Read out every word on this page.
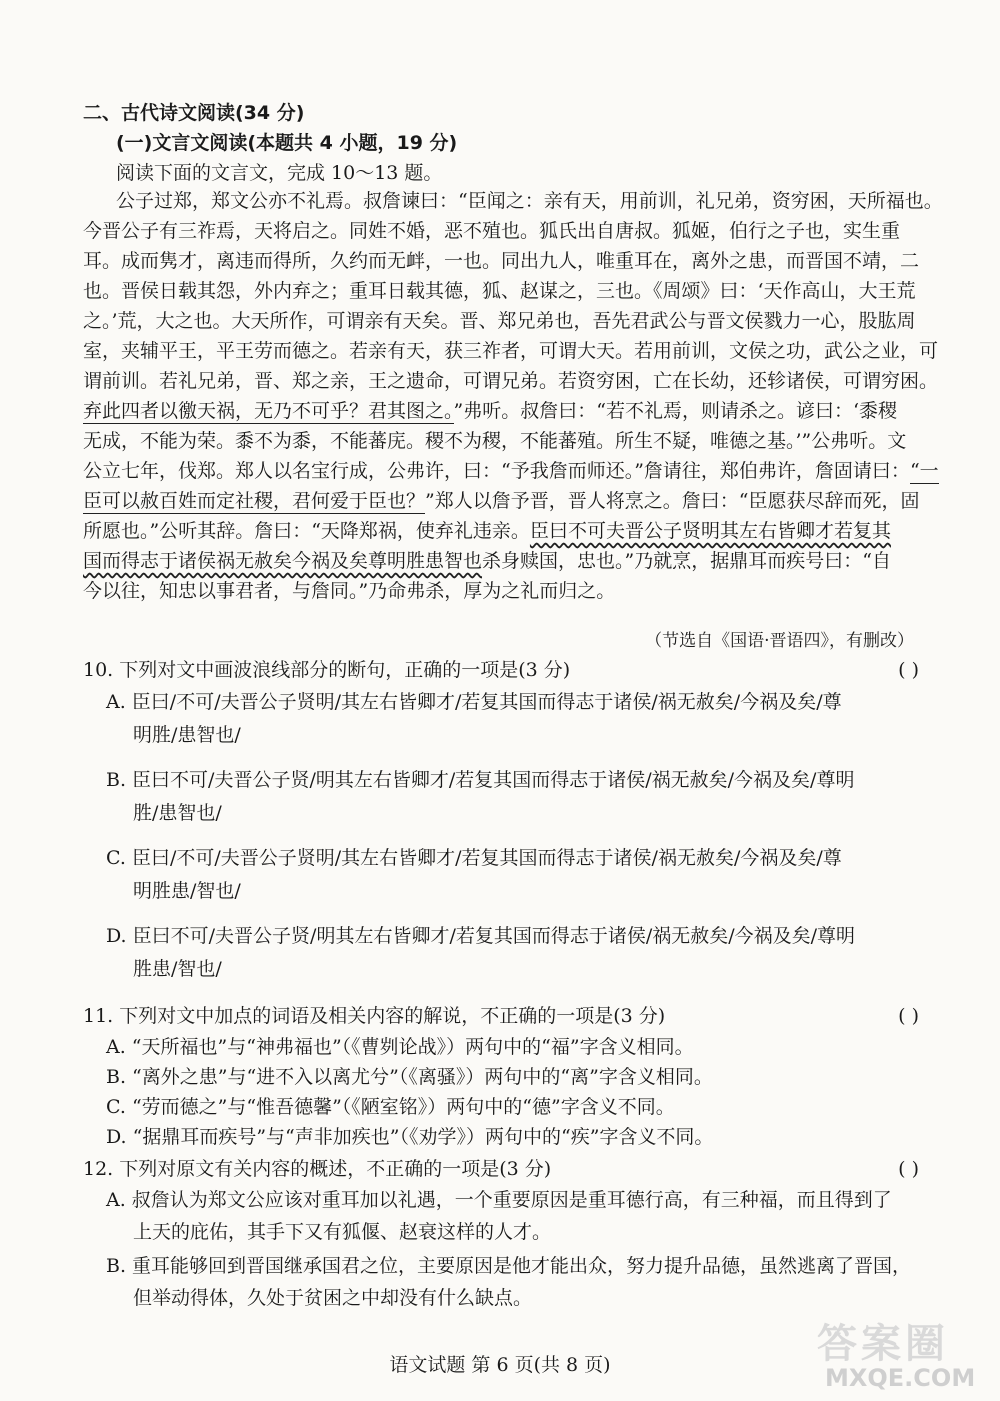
二、古代诗文阅读(34 分)
(一)文言文阅读(本题共 4 小题，19 分)
阅读下面的文言文，完成 10～13 题。
公子过郑，郑文公亦不礼焉。叔詹谏曰：“臣闻之：亲有天，用前训，礼兄弟，资穷困，天所福也。
今晋公子有三祚焉，天将启之。同姓不婚，恶不殖也。狐氏出自唐叔。狐姬，伯行之子也，实生重
耳。成而隽才，离违而得所，久约而无衅，一也。同出九人，唯重耳在，离外之患，而晋国不靖，二
也。晋侯日载其怨，外内弃之；重耳日载其德，狐、赵谋之，三也。《周颂》曰：‘天作高山，大王荒
之。’荒，大之也。大天所作，可谓亲有天矣。晋、郑兄弟也，吾先君武公与晋文侯戮力一心，股肱周
室，夹辅平王，平王劳而德之。若亲有天，获三祚者，可谓大天。若用前训，文侯之功，武公之业，可
谓前训。若礼兄弟，晋、郑之亲，王之遗命，可谓兄弟。若资穷困，亡在长幼，还轸诸侯，可谓穷困。
弃此四者以徼天祸，无乃不可乎？君其图之。”弗听。叔詹曰：“若不礼焉，则请杀之。谚曰：‘黍稷
无成，不能为荣。黍不为黍，不能蕃庑。稷不为稷，不能蕃殖。所生不疑，唯德之基。’”公弗听。文
公立七年，伐郑。郑人以名宝行成，公弗许，曰：“予我詹而师还。”詹请往，郑伯弗许，詹固请曰：“一
臣可以赦百姓而定社稷，君何爱于臣也？”郑人以詹予晋，晋人将烹之。詹曰：“臣愿获尽辞而死，固
所愿也。”公听其辞。詹曰：“天降郑祸，使弃礼违亲。臣曰不可夫晋公子贤明其左右皆卿才若复其
国而得志于诸侯祸无赦矣今祸及矣尊明胜患智也杀身赎国，忠也。”乃就烹，据鼎耳而疾号曰：“自
今以往，知忠以事君者，与詹同。”乃命弗杀，厚为之礼而归之。
（节选自《国语·晋语四》，有删改）
10. 下列对文中画波浪线部分的断句，正确的一项是(3 分)	( )
A. 臣曰/不可/夫晋公子贤明/其左右皆卿才/若复其国而得志于诸侯/祸无赦矣/今祸及矣/尊
明胜/患智也/
B. 臣曰不可/夫晋公子贤/明其左右皆卿才/若复其国而得志于诸侯/祸无赦矣/今祸及矣/尊明
胜/患智也/
C. 臣曰/不可/夫晋公子贤明/其左右皆卿才/若复其国而得志于诸侯/祸无赦矣/今祸及矣/尊
明胜患/智也/
D. 臣曰不可/夫晋公子贤/明其左右皆卿才/若复其国而得志于诸侯/祸无赦矣/今祸及矣/尊明
胜患/智也/
11. 下列对文中加点的词语及相关内容的解说，不正确的一项是(3 分)	( )
A. “天所福也”与“神弗福也”（《曹刿论战》）两句中的“福”字含义相同。
B. “离外之患”与“进不入以离尤兮”（《离骚》）两句中的“离”字含义相同。
C. “劳而德之”与“惟吾德馨”（《陋室铭》）两句中的“德”字含义不同。
D. “据鼎耳而疾号”与“声非加疾也”（《劝学》）两句中的“疾”字含义不同。
12. 下列对原文有关内容的概述，不正确的一项是(3 分)	( )
A. 叔詹认为郑文公应该对重耳加以礼遇，一个重要原因是重耳德行高，有三种福，而且得到了
上天的庇佑，其手下又有狐偃、赵衰这样的人才。
B. 重耳能够回到晋国继承国君之位，主要原因是他才能出众，努力提升品德，虽然逃离了晋国，
但举动得体，久处于贫困之中却没有什么缺点。
语文试题 第 6 页(共 8 页)	答案圈
MXQE.COM
